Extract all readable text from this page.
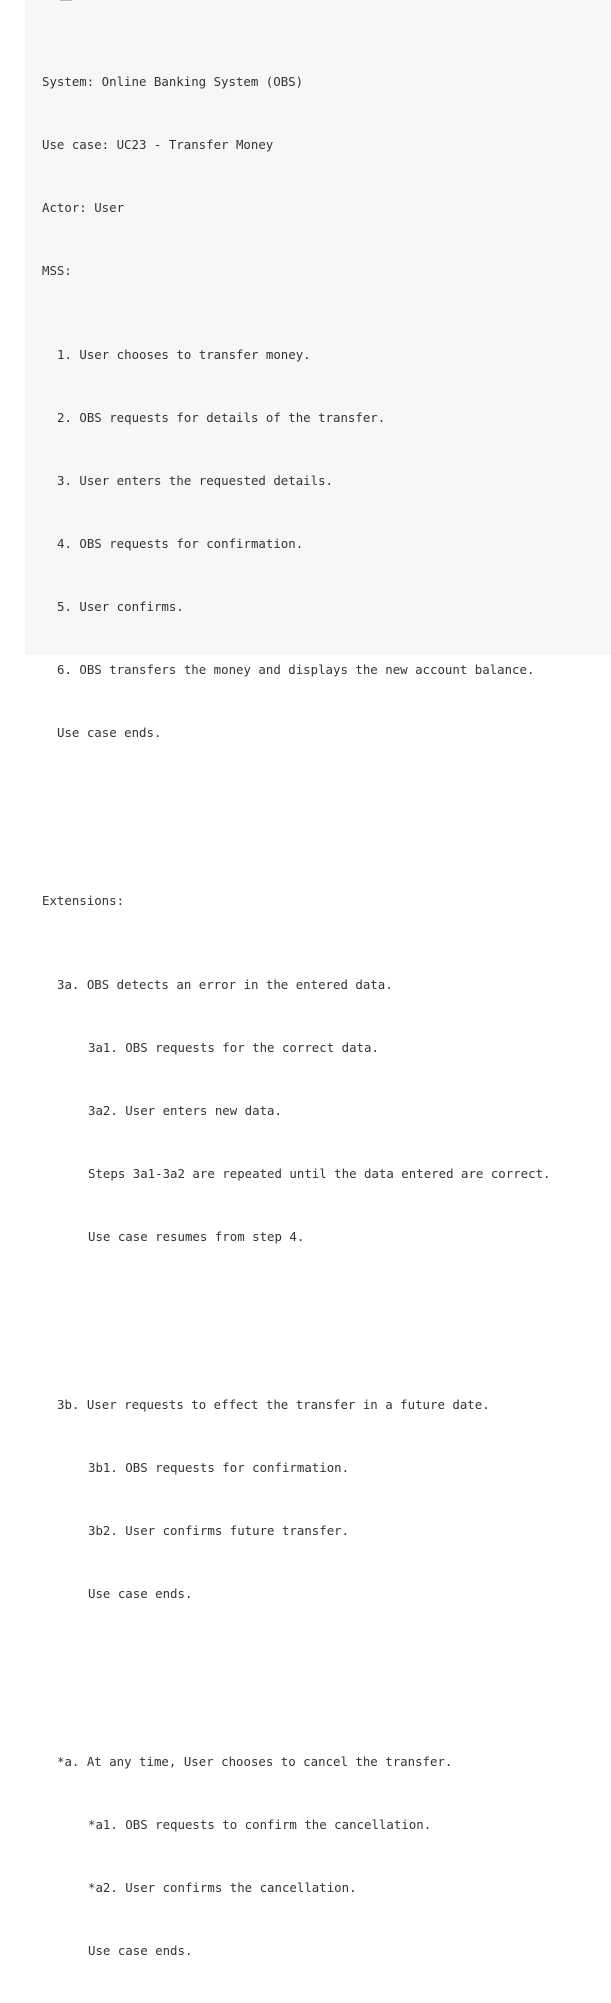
System: Online Banking System (OBS)

Use case: UC23 - Transfer Money

Actor: User

MSS:

1. User chooses to transfer money.

2. OBS requests for details of the transfer.

3. User enters the requested details.

4. OBS requests for confirmation.

5. User confirms.

6. OBS transfers the money and displays the new account balance.

Use case ends.

Extensions:

3a. OBS detects an error in the entered data.

3a1. OBS requests for the correct data.

3a2. User enters new data.

Steps 3a1-3a2 are repeated until the data entered are correct.

Use case resumes from step 4.

3b. User requests to effect the transfer in a future date.

3b1. OBS requests for confirmation.

3b2. User confirms future transfer.

Use case ends.

*a. At any time, User chooses to cancel the transfer.

*a1. OBS requests to confirm the cancellation.

*a2. User confirms the cancellation.

Use case ends.
